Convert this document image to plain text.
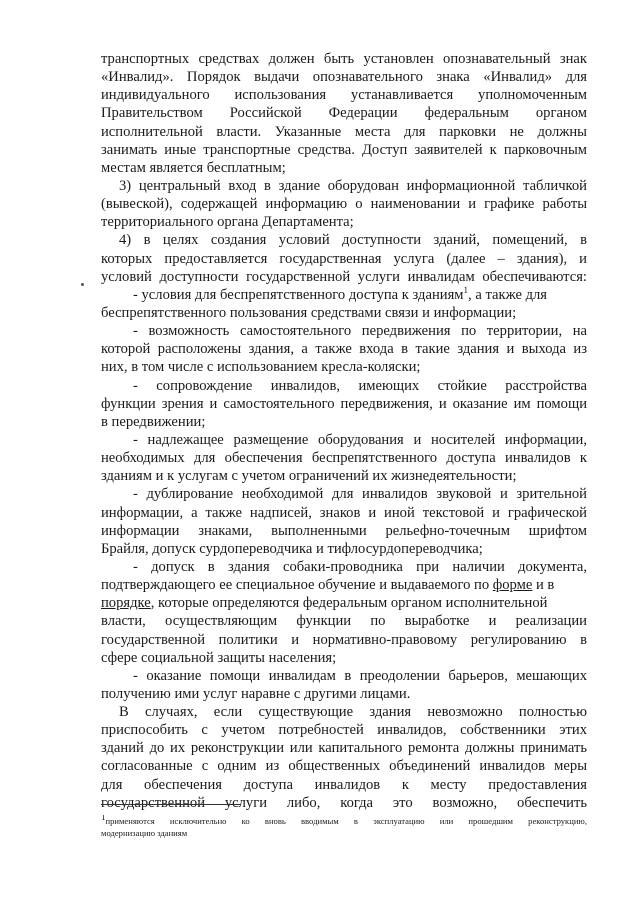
транспортных средствах должен быть установлен опознавательный знак
«Инвалид». Порядок выдачи опознавательного знака «Инвалид» для
индивидуального использования устанавливается уполномоченным
Правительством Российской Федерации федеральным органом
исполнительной власти. Указанные места для парковки не должны
занимать иные транспортные средства. Доступ заявителей к парковочным
местам является бесплатным;
3) центральный вход в здание оборудован информационной табличкой
(вывеской), содержащей информацию о наименовании и графике работы
территориального органа Департамента;
4) в целях создания условий доступности зданий, помещений, в
которых предоставляется государственная услуга (далее – здания), и
условий доступности государственной услуги инвалидам обеспечиваются:
- условия для беспрепятственного доступа к зданиям$^1$, а также для
беспрепятственного пользования средствами связи и информации;
- возможность самостоятельного передвижения по территории, на
которой расположены здания, а также входа в такие здания и выхода из
них, в том числе с использованием кресла-коляски;
- сопровождение инвалидов, имеющих стойкие расстройства
функции зрения и самостоятельного передвижения, и оказание им помощи
в передвижении;
- надлежащее размещение оборудования и носителей информации,
необходимых для обеспечения беспрепятственного доступа инвалидов к
зданиям и к услугам с учетом ограничений их жизнедеятельности;
- дублирование необходимой для инвалидов звуковой и зрительной
информации, а также надписей, знаков и иной текстовой и графической
информации знаками, выполненными рельефно-точечным шрифтом
Брайля, допуск сурдопереводчика и тифлосурдопереводчика;
- допуск в здания собаки-проводника при наличии документа,
подтверждающего ее специальное обучение и выдаваемого по форме и в
порядке, которые определяются федеральным органом исполнительной
власти, осуществляющим функции по выработке и реализации
государственной политики и нормативно-правовому регулированию в
сфере социальной защиты населения;
- оказание помощи инвалидам в преодолении барьеров, мешающих
получению ими услуг наравне с другими лицами.
В случаях, если существующие здания невозможно полностью
приспособить с учетом потребностей инвалидов, собственники этих
зданий до их реконструкции или капитального ремонта должны принимать
согласованные с одним из общественных объединений инвалидов меры
для обеспечения доступа инвалидов к месту предоставления
государственной услуги либо, когда это возможно, обеспечить
$^1$применяются исключительно ко вновь вводимым в эксплуатацию или прошедшим реконструкцию,
модернизацию зданиям
